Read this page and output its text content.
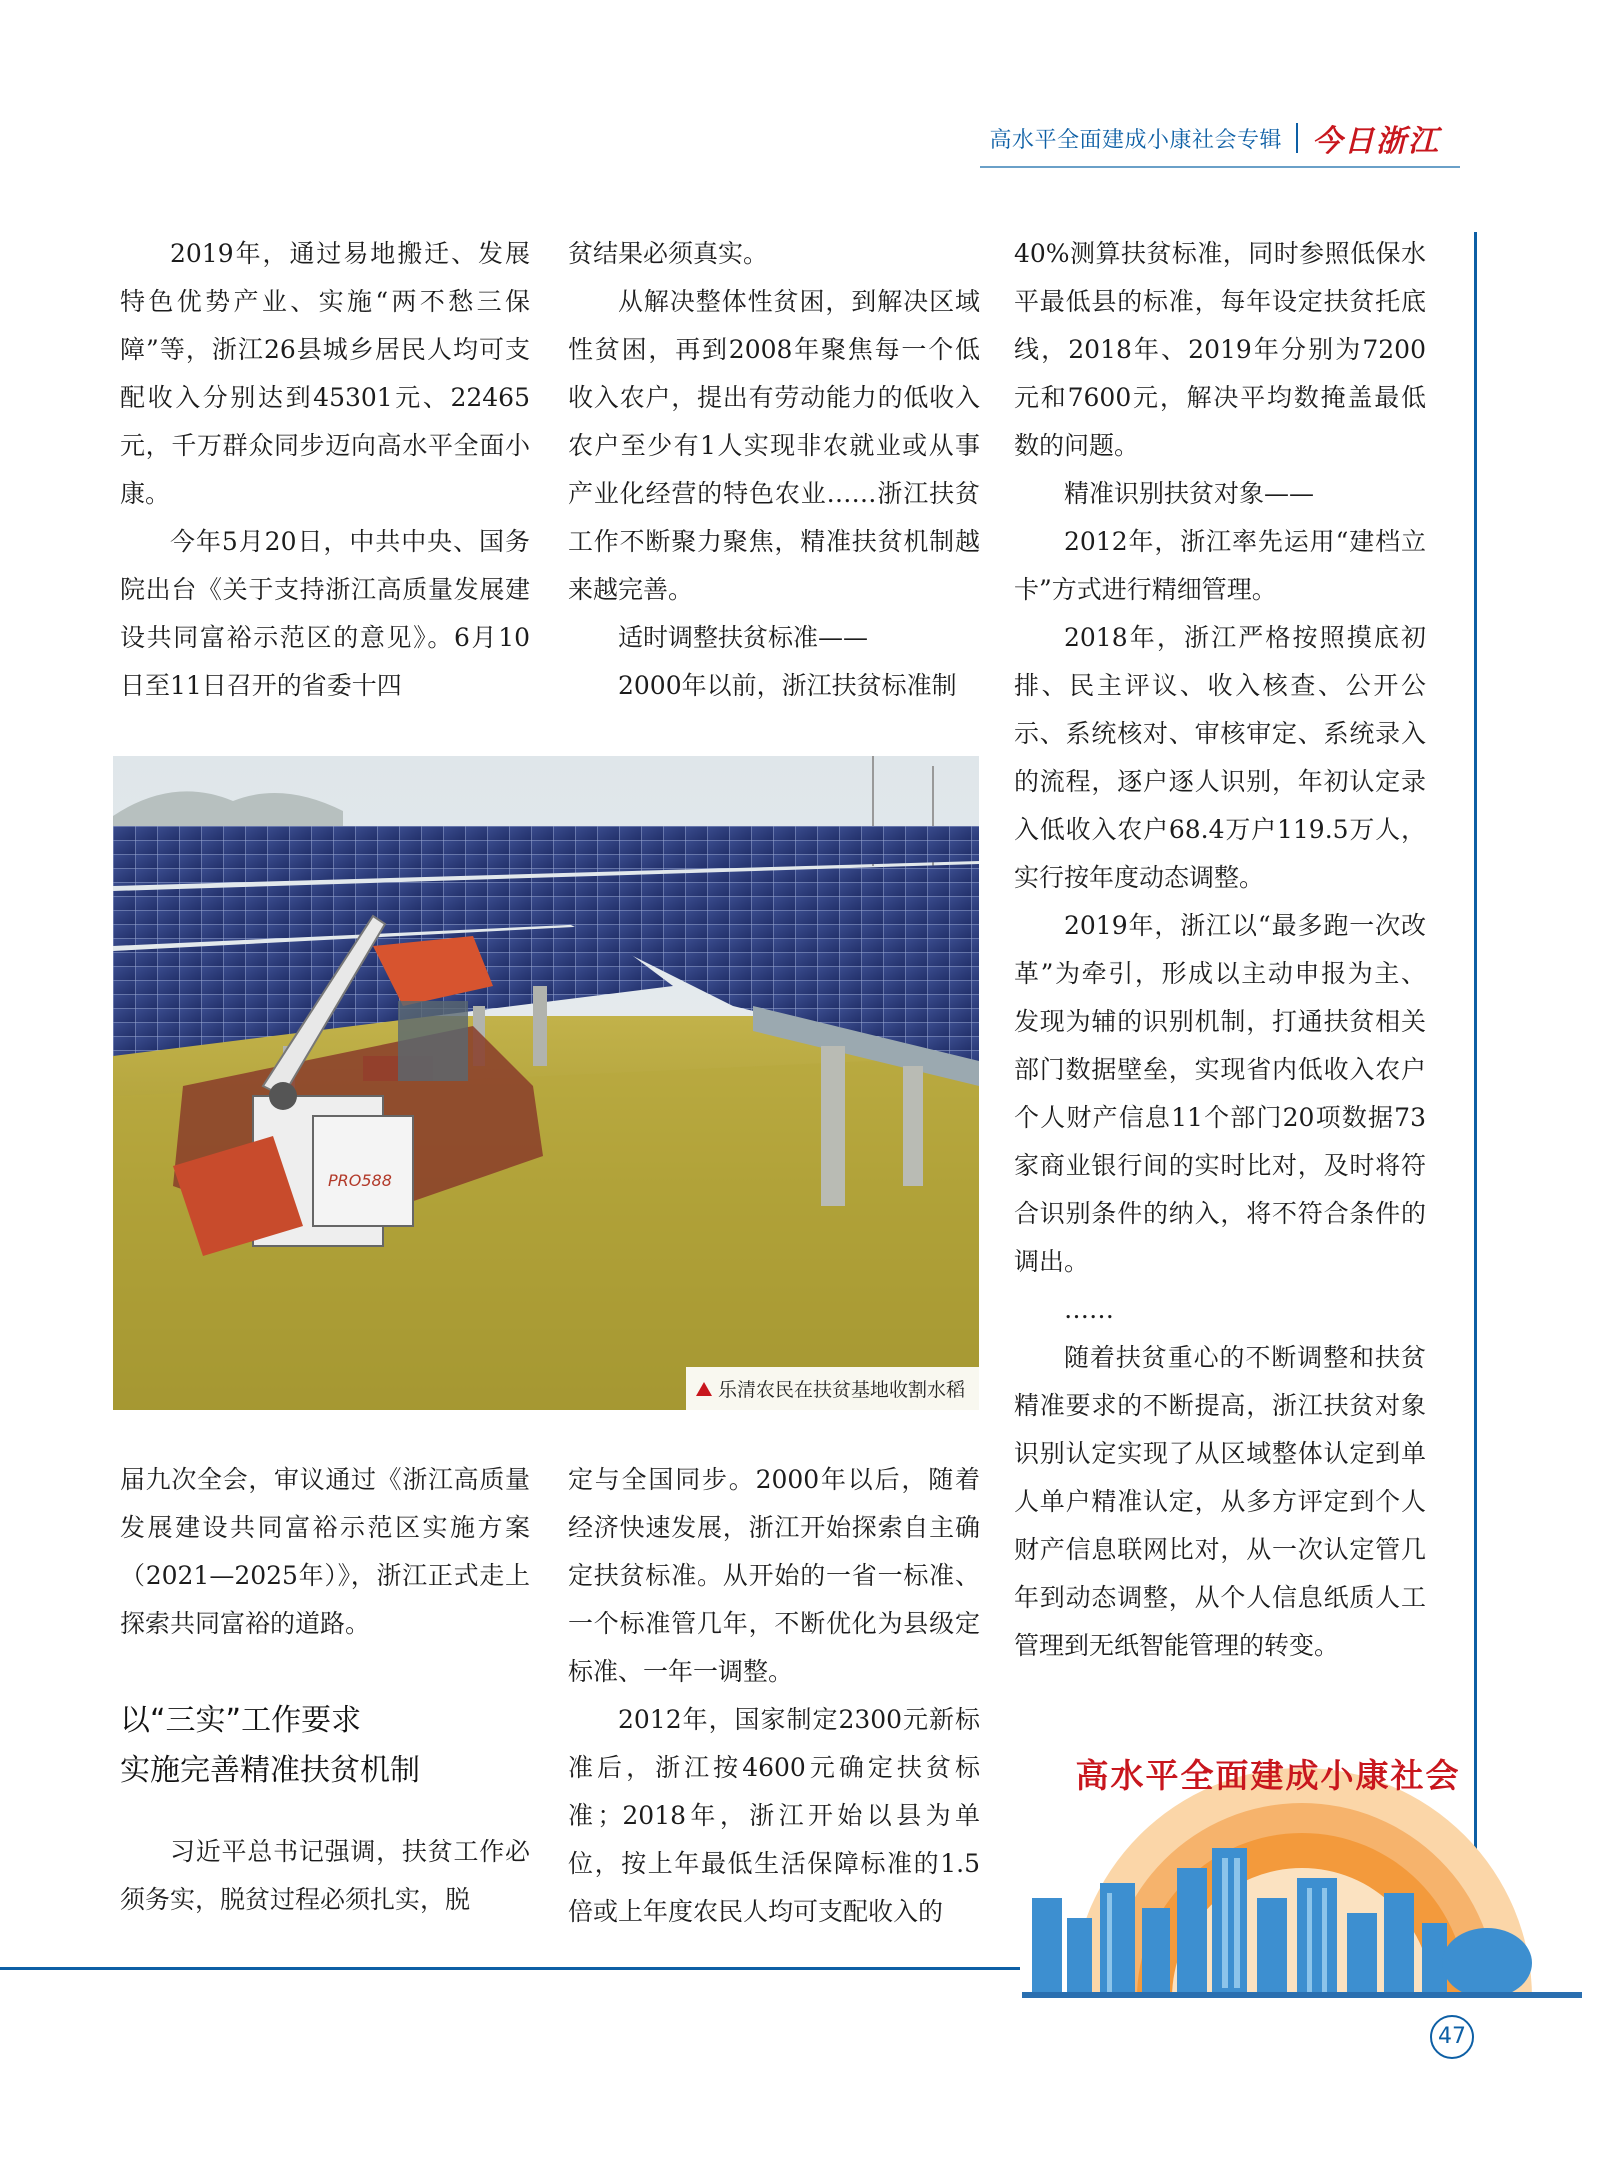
高水平全面建成小康社会专辑 今日浙江

2019年，通过易地搬迁、发展特色优势产业、实施“两不愁三保障”等，浙江26县城乡居民人均可支配收入分别达到45301元、22465元，千万群众同步迈向高水平全面小康。

今年5月20日，中共中央、国务院出台《关于支持浙江高质量发展建设共同富裕示范区的意见》。6月10日至11日召开的省委十四

贫结果必须真实。

从解决整体性贫困，到解决区域性贫困，再到2008年聚焦每一个低收入农户，提出有劳动能力的低收入农户至少有1人实现非农就业或从事产业化经营的特色农业……浙江扶贫工作不断聚力聚焦，精准扶贫机制越来越完善。

适时调整扶贫标准——

2000年以前，浙江扶贫标准制

40%测算扶贫标准，同时参照低保水平最低县的标准，每年设定扶贫托底线，2018年、2019年分别为7200元和7600元，解决平均数掩盖最低数的问题。

精准识别扶贫对象——

2012年，浙江率先运用“建档立卡”方式进行精细管理。

2018年，浙江严格按照摸底初排、民主评议、收入核查、公开公示、系统核对、审核审定、系统录入的流程，逐户逐人识别，年初认定录入低收入农户68.4万户119.5万人，实行按年度动态调整。

2019年，浙江以“最多跑一次改革”为牵引，形成以主动申报为主、发现为辅的识别机制，打通扶贫相关部门数据壁垒，实现省内低收入农户个人财产信息11个部门20项数据73家商业银行间的实时比对，及时将符合识别条件的纳入，将不符合条件的调出。

……

随着扶贫重心的不断调整和扶贫精准要求的不断提高，浙江扶贫对象识别认定实现了从区域整体认定到单人单户精准认定，从多方评定到个人财产信息联网比对，从一次认定管几年到动态调整，从个人信息纸质人工管理到无纸智能管理的转变。

PRO588
乐清农民在扶贫基地收割水稻

届九次全会，审议通过《浙江高质量发展建设共同富裕示范区实施方案（2021—2025年）》，浙江正式走上探索共同富裕的道路。

以“三实”工作要求
实施完善精准扶贫机制

习近平总书记强调，扶贫工作必须务实，脱贫过程必须扎实，脱

定与全国同步。2000年以后，随着经济快速发展，浙江开始探索自主确定扶贫标准。从开始的一省一标准、一个标准管几年，不断优化为县级定标准、一年一调整。

2012年，国家制定2300元新标准后，浙江按4600元确定扶贫标准；2018年，浙江开始以县为单位，按上年最低生活保障标准的1.5倍或上年度农民人均可支配收入的

高水平全面建成小康社会
47
